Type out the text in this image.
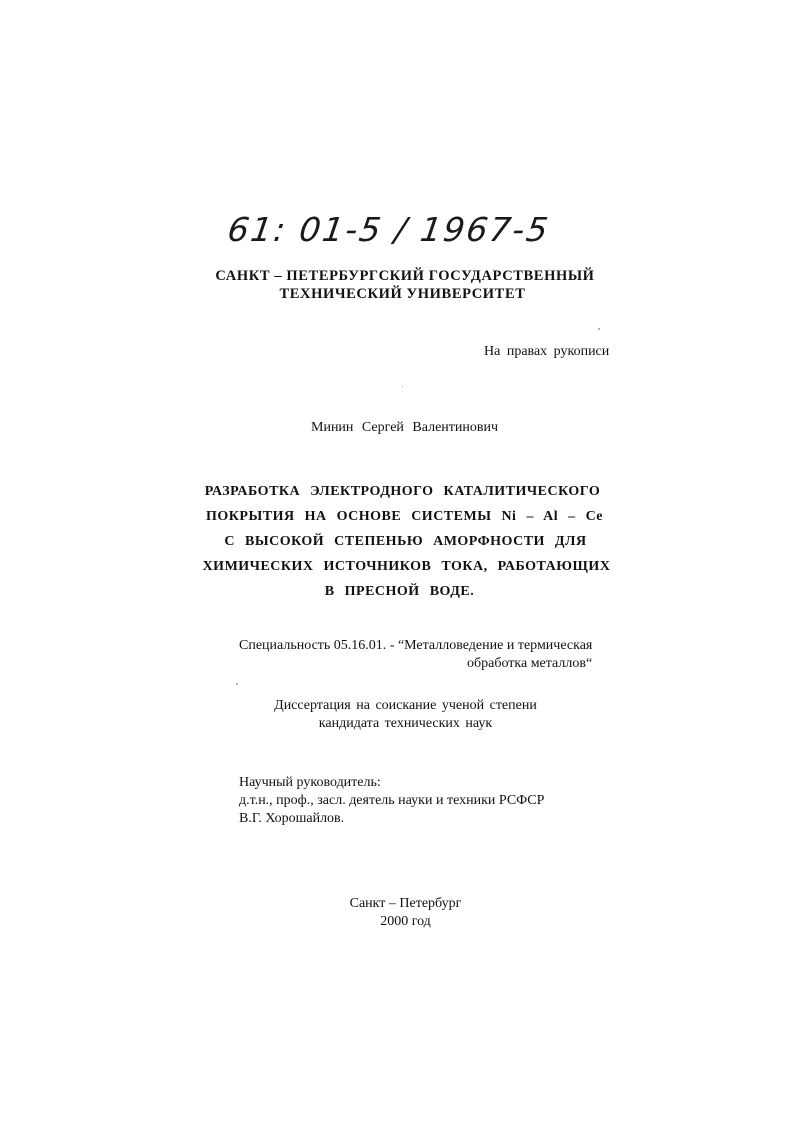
61: 01-5 / 1967-5
САНКТ – ПЕТЕРБУРГСКИЙ ГОСУДАРСТВЕННЫЙ
ТЕХНИЧЕСКИЙ УНИВЕРСИТЕТ
На правах рукописи
Минин Сергей Валентинович
РАЗРАБОТКА ЭЛЕКТРОДНОГО КАТАЛИТИЧЕСКОГО
ПОКРЫТИЯ НА ОСНОВЕ СИСТЕМЫ Ni – Al – Ce
С ВЫСОКОЙ СТЕПЕНЬЮ АМОРФНОСТИ ДЛЯ
ХИМИЧЕСКИХ ИСТОЧНИКОВ ТОКА, РАБОТАЮЩИХ
В ПРЕСНОЙ ВОДЕ.
Специальность 05.16.01. - “Металловедение и термическая
обработка металлов“
Диссертация на соискание ученой степени
кандидата технических наук
Научный руководитель:
д.т.н., проф., засл. деятель науки и техники РСФСР
В.Г. Хорошайлов.
Санкт – Петербург
2000 год
